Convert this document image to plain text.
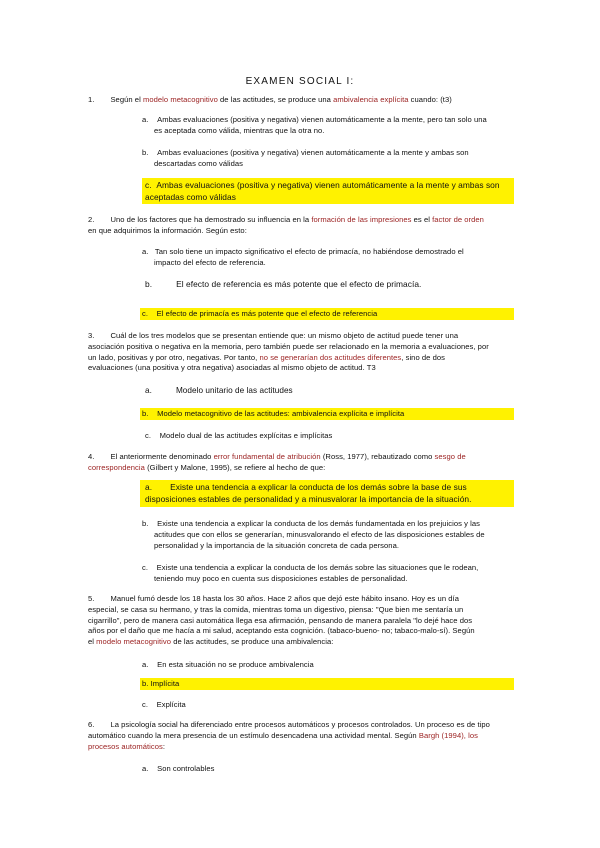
EXAMEN SOCIAL I:
1. Según el modelo metacognitivo de las actitudes, se produce una ambivalencia explícita cuando: (t3)
a. Ambas evaluaciones (positiva y negativa) vienen automáticamente a la mente, pero tan solo una
es aceptada como válida, mientras que la otra no.
b. Ambas evaluaciones (positiva y negativa) vienen automáticamente a la mente y ambas son
descartadas como válidas
c. Ambas evaluaciones (positiva y negativa) vienen automáticamente a la mente y ambas son
aceptadas como válidas
2. Uno de los factores que ha demostrado su influencia en la formación de las impresiones es el factor de orden
en que adquirimos la información. Según esto:
a. Tan solo tiene un impacto significativo el efecto de primacía, no habiéndose demostrado el
impacto del efecto de referencia.
b.	El efecto de referencia es más potente que el efecto de primacía.
c. El efecto de primacía es más potente que el efecto de referencia
3. Cuál de los tres modelos que se presentan entiende que: un mismo objeto de actitud puede tener una
asociación positiva o negativa en la memoria, pero también puede ser relacionado en la memoria a evaluaciones, por
un lado, positivas y por otro, negativas. Por tanto, no se generarían dos actitudes diferentes, sino de dos
evaluaciones (una positiva y otra negativa) asociadas al mismo objeto de actitud. T3
a.	Modelo unitario de las actitudes
b. Modelo metacognitivo de las actitudes: ambivalencia explícita e implícita
c. Modelo dual de las actitudes explícitas e implícitas
4. El anteriormente denominado error fundamental de atribución (Ross, 1977), rebautizado como sesgo de
correspondencia (Gilbert y Malone, 1995), se refiere al hecho de que:
a. Existe una tendencia a explicar la conducta de los demás sobre la base de sus
disposiciones estables de personalidad y a minusvalorar la importancia de la situación.
b. Existe una tendencia a explicar la conducta de los demás fundamentada en los prejuicios y las
actitudes que con ellos se generarían, minusvalorando el efecto de las disposiciones estables de
personalidad y la importancia de la situación concreta de cada persona.
c. Existe una tendencia a explicar la conducta de los demás sobre las situaciones que le rodean,
teniendo muy poco en cuenta sus disposiciones estables de personalidad.
5. Manuel fumó desde los 18 hasta los 30 años. Hace 2 años que dejó este hábito insano. Hoy es un día
especial, se casa su hermano, y tras la comida, mientras toma un digestivo, piensa: "Que bien me sentaría un
cigarrillo", pero de manera casi automática llega esa afirmación, pensando de manera paralela "lo dejé hace dos
años por el daño que me hacía a mi salud, aceptando esta cognición. (tabaco-bueno- no; tabaco-malo-sí). Según
el modelo metacognitivo de las actitudes, se produce una ambivalencia:
a. En esta situación no se produce ambivalencia
b. Implícita
c. Explícita
6. La psicología social ha diferenciado entre procesos automáticos y procesos controlados. Un proceso es de tipo
automático cuando la mera presencia de un estímulo desencadena una actividad mental. Según Bargh (1994), los
procesos automáticos:
a. Son controlables
